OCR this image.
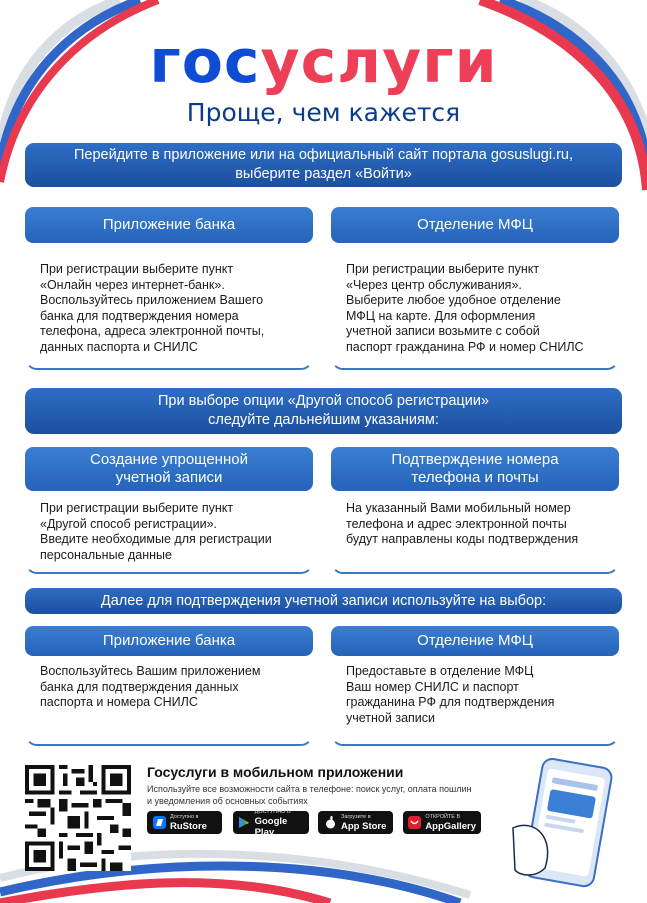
госуслуги
Проще, чем кажется
Перейдите в приложение или на официальный сайт портала gosuslugi.ru,
выберите раздел «Войти»
Приложение банка	Отделение МФЦ
При регистрации выберите пункт
«Онлайн через интернет-банк».
Воспользуйтесь приложением Вашего
банка для подтверждения номера
телефона, адреса электронной почты,
данных паспорта и СНИЛС
При регистрации выберите пункт
«Через центр обслуживания».
Выберите любое удобное отделение
МФЦ на карте. Для оформления
учетной записи возьмите с собой
паспорт гражданина РФ и номер СНИЛС
При выборе опции «Другой способ регистрации»
следуйте дальнейшим указаниям:
Создание упрощенной
учетной записи
Подтверждение номера
телефона и почты
При регистрации выберите пункт
«Другой способ регистрации».
Введите необходимые для регистрации
персональные данные
На указанный Вами мобильный номер
телефона и адрес электронной почты
будут направлены коды подтверждения
Далее для подтверждения учетной записи используйте на выбор:
Приложение банка	Отделение МФЦ
Воспользуйтесь Вашим приложением
банка для подтверждения данных
паспорта и номера СНИЛС
Предоставьте в отделение МФЦ
Ваш номер СНИЛС и паспорт
гражданина РФ для подтверждения
учетной записи
Госуслуги в мобильном приложении
Используйте все возможности сайта в телефоне: поиск услуг, оплата пошлин
и уведомления об основных событиях
Доступно в
RuStore
ДОСТУПНО В
Google Play
Загрузите в
App Store
ОТКРОЙТЕ В
AppGallery
